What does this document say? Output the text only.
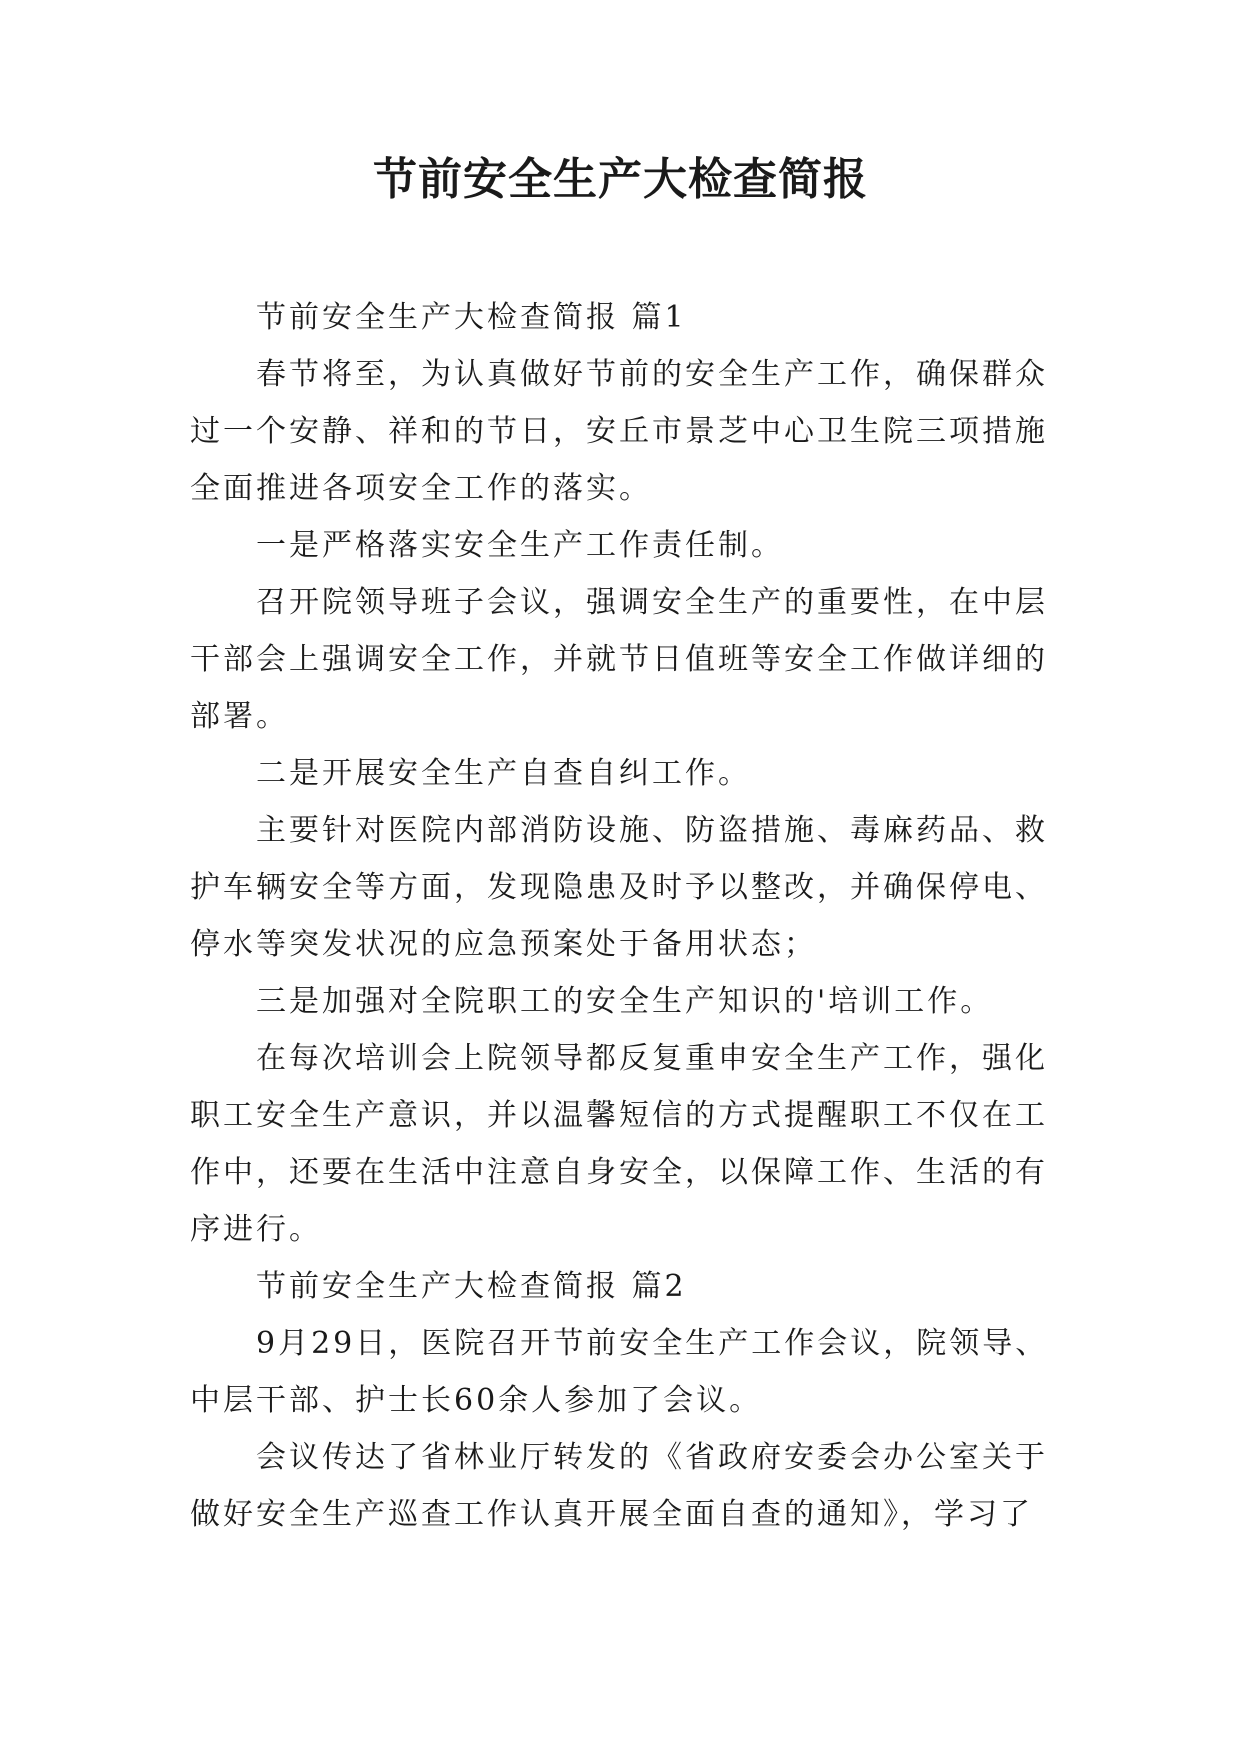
节前安全生产大检查简报

节前安全生产大检查简报 篇1

春节将至，为认真做好节前的安全生产工作，确保群众过一个安静、祥和的节日，安丘市景芝中心卫生院三项措施全面推进各项安全工作的落实。

一是严格落实安全生产工作责任制。

召开院领导班子会议，强调安全生产的重要性，在中层干部会上强调安全工作，并就节日值班等安全工作做详细的部署。

二是开展安全生产自查自纠工作。

主要针对医院内部消防设施、防盗措施、毒麻药品、救护车辆安全等方面，发现隐患及时予以整改，并确保停电、停水等突发状况的应急预案处于备用状态；

三是加强对全院职工的安全生产知识的'培训工作。

在每次培训会上院领导都反复重申安全生产工作，强化职工安全生产意识，并以温馨短信的方式提醒职工不仅在工作中，还要在生活中注意自身安全，以保障工作、生活的有序进行。

节前安全生产大检查简报 篇2

9月29日，医院召开节前安全生产工作会议，院领导、中层干部、护士长60余人参加了会议。

会议传达了省林业厅转发的《省政府安委会办公室关于做好安全生产巡查工作认真开展全面自查的通知》，学习了
